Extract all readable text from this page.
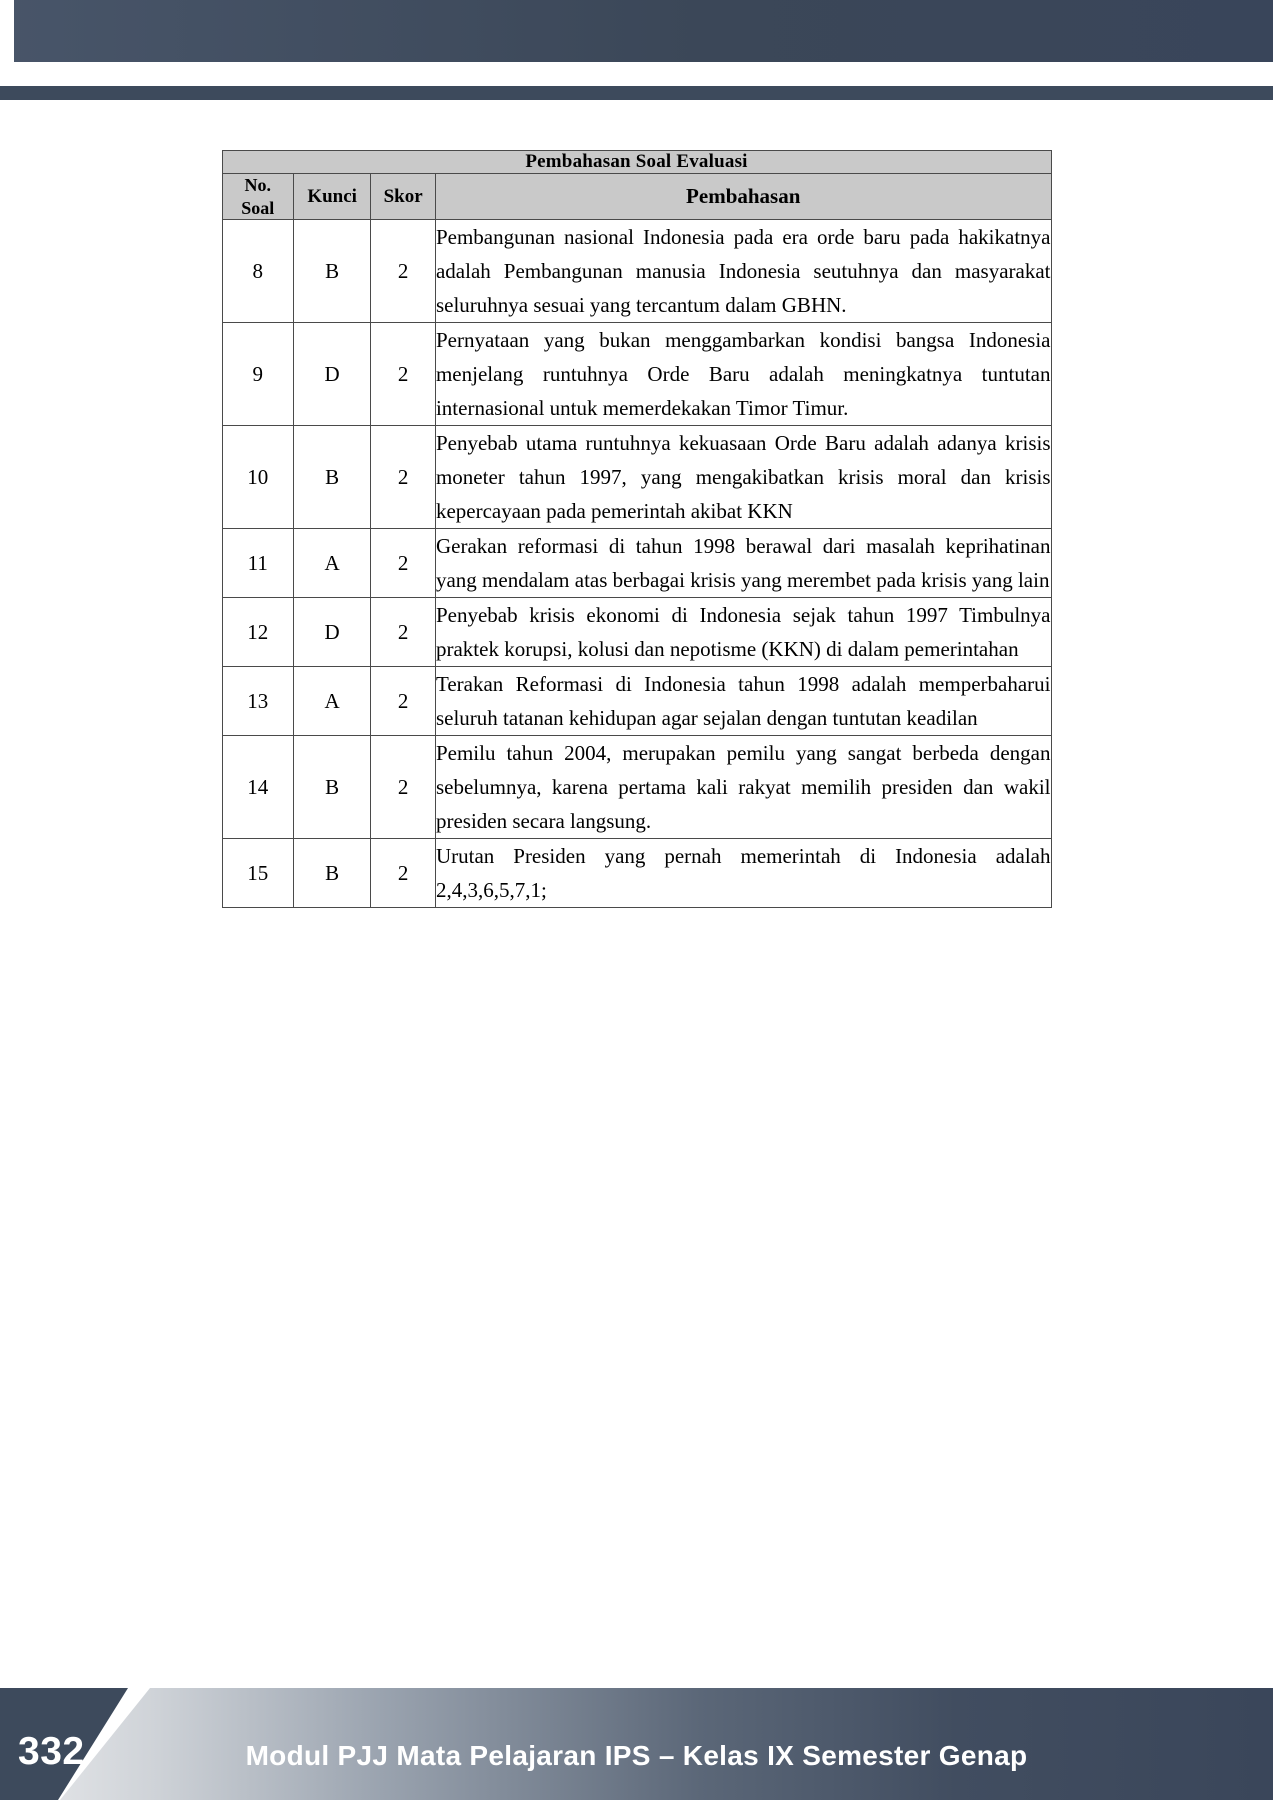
Pembahasan Soal Evaluasi			
No.
Soal	Kunci	Skor	Pembahasan
8	B	2	Pembangunan nasional Indonesia pada era orde baru pada hakikatnya adalah Pembangunan manusia Indonesia seutuhnya dan masyarakat seluruhnya sesuai yang tercantum dalam GBHN.
9	D	2	Pernyataan yang bukan menggambarkan kondisi bangsa Indonesia menjelang runtuhnya Orde Baru adalah meningkatnya tuntutan internasional untuk memerdekakan Timor Timur.
10	B	2	Penyebab utama runtuhnya kekuasaan Orde Baru adalah adanya krisis moneter tahun 1997, yang mengakibatkan krisis moral dan krisis kepercayaan pada pemerintah akibat KKN
11	A	2	Gerakan reformasi di tahun 1998 berawal dari masalah keprihatinan yang mendalam atas berbagai krisis yang merembet pada krisis yang lain
12	D	2	Penyebab krisis ekonomi di Indonesia sejak tahun 1997 Timbulnya praktek korupsi, kolusi dan nepotisme (KKN) di dalam pemerintahan
13	A	2	Terakan Reformasi di Indonesia tahun 1998 adalah memperbaharui seluruh tatanan kehidupan agar sejalan dengan tuntutan keadilan
14	B	2	Pemilu tahun 2004, merupakan pemilu yang sangat berbeda dengan sebelumnya, karena pertama kali rakyat memilih presiden dan wakil presiden secara langsung.
15	B	2	Urutan Presiden yang pernah memerintah di Indonesia adalah 2,4,3,6,5,7,1;
332	Modul PJJ Mata Pelajaran IPS – Kelas IX Semester Genap
